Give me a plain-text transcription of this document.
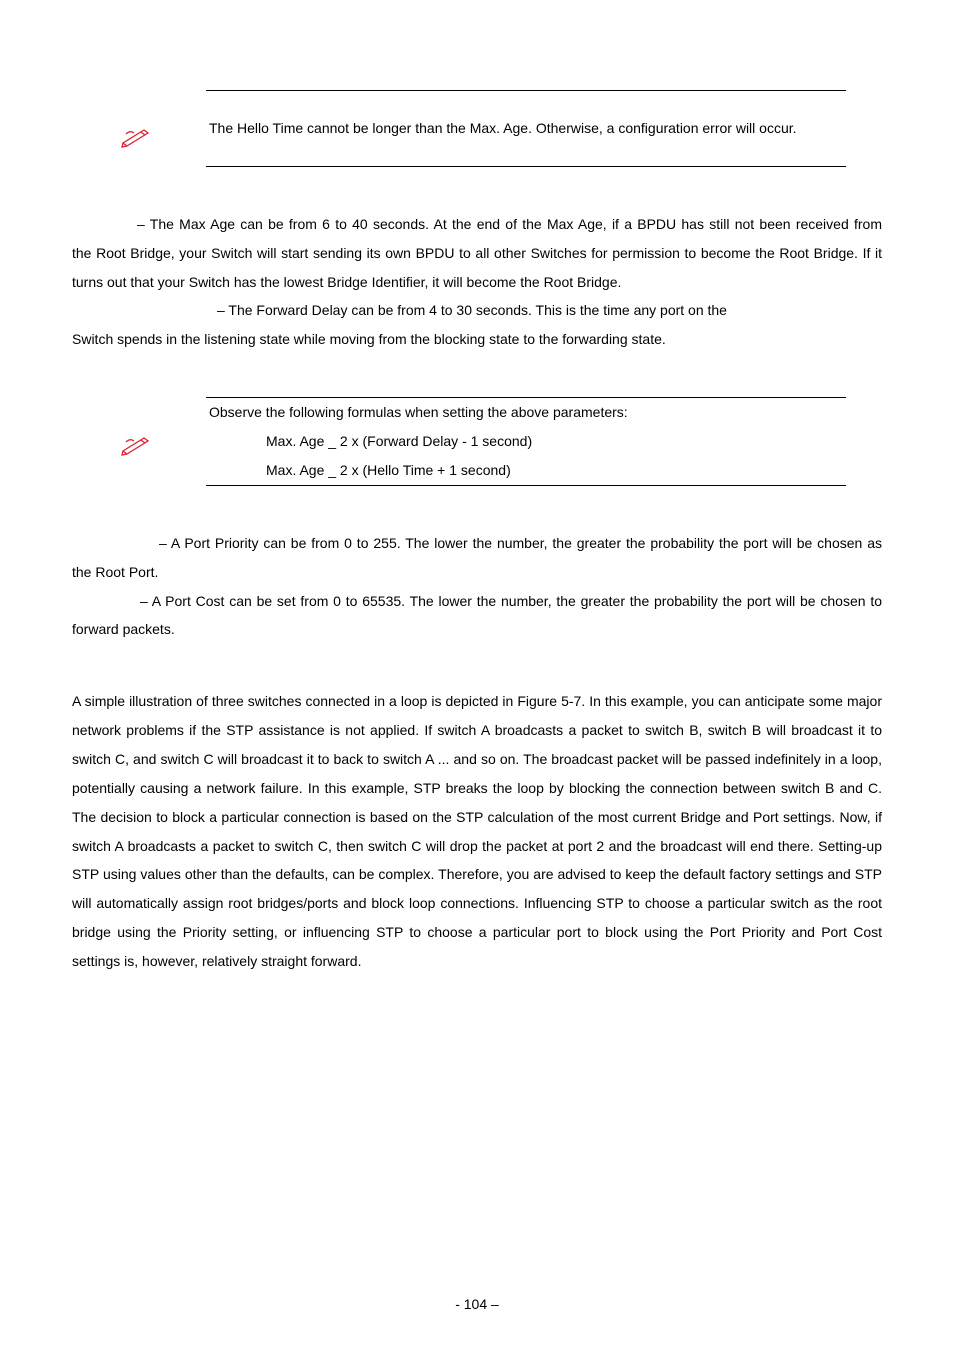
The Hello Time cannot be longer than the Max. Age. Otherwise, a configuration error will occur.
– The Max Age can be from 6 to 40 seconds. At the end of the Max Age, if a BPDU has still not been received from
the Root Bridge, your Switch will start sending its own BPDU to all other Switches for permission to become the Root Bridge. If it
turns out that your Switch has the lowest Bridge Identifier, it will become the Root Bridge.
– The Forward Delay can be from 4 to 30 seconds. This is the time any port on the
Switch spends in the listening state while moving from the blocking state to the forwarding state.
Observe the following formulas when setting the above parameters:
Max. Age _ 2 x (Forward Delay - 1 second)
Max. Age _ 2 x (Hello Time + 1 second)
– A Port Priority can be from 0 to 255. The lower the number, the greater the probability the port will be chosen as
the Root Port.
– A Port Cost can be set from 0 to 65535. The lower the number, the greater the probability the port will be chosen to
forward packets.
A simple illustration of three switches connected in a loop is depicted in Figure 5-7. In this example, you can anticipate some major network problems if the STP assistance is not applied. If switch A broadcasts a packet to switch B, switch B will broadcast it to switch C, and switch C will broadcast it to back to switch A ... and so on. The broadcast packet will be passed indefinitely in a loop, potentially causing a network failure. In this example, STP breaks the loop by blocking the connection between switch B and C. The decision to block a particular connection is based on the STP calculation of the most current Bridge and Port settings. Now, if switch A broadcasts a packet to switch C, then switch C will drop the packet at port 2 and the broadcast will end there. Setting-up STP using values other than the defaults, can be complex. Therefore, you are advised to keep the default factory settings and STP will automatically assign root bridges/ports and block loop connections. Influencing STP to choose a particular switch as the root bridge using the Priority setting, or influencing STP to choose a particular port to block using the Port Priority and Port Cost settings is, however, relatively straight forward.
- 104 –
